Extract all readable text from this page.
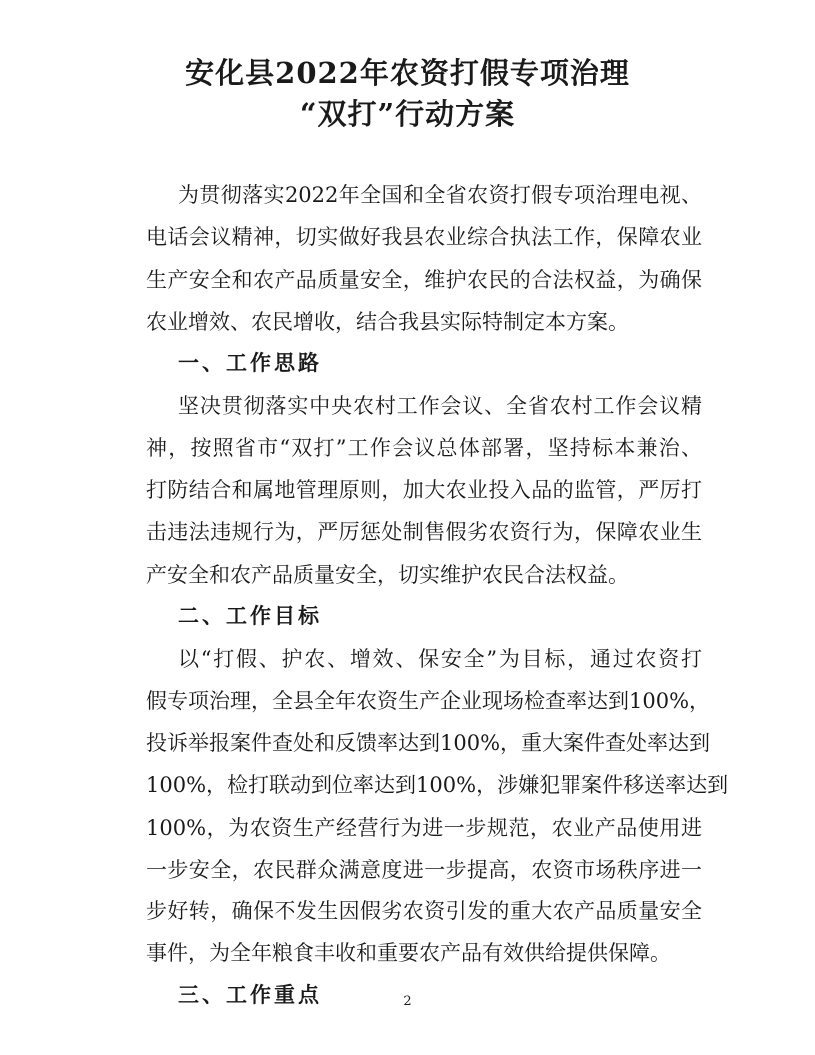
安化县2022年农资打假专项治理
“双打”行动方案
为贯彻落实2022年全国和全省农资打假专项治理电视、
电话会议精神，切实做好我县农业综合执法工作，保障农业
生产安全和农产品质量安全，维护农民的合法权益，为确保
农业增效、农民增收，结合我县实际特制定本方案。
一、工作思路
坚决贯彻落实中央农村工作会议、全省农村工作会议精
神，按照省市“双打”工作会议总体部署，坚持标本兼治、
打防结合和属地管理原则，加大农业投入品的监管，严厉打
击违法违规行为，严厉惩处制售假劣农资行为，保障农业生
产安全和农产品质量安全，切实维护农民合法权益。
二、工作目标
以“打假、护农、增效、保安全”为目标，通过农资打
假专项治理，全县全年农资生产企业现场检查率达到100%，
投诉举报案件查处和反馈率达到100%，重大案件查处率达到
100%，检打联动到位率达到100%，涉嫌犯罪案件移送率达到
100%，为农资生产经营行为进一步规范，农业产品使用进
一步安全，农民群众满意度进一步提高，农资市场秩序进一
步好转，确保不发生因假劣农资引发的重大农产品质量安全
事件，为全年粮食丰收和重要农产品有效供给提供保障。
三、工作重点	2
